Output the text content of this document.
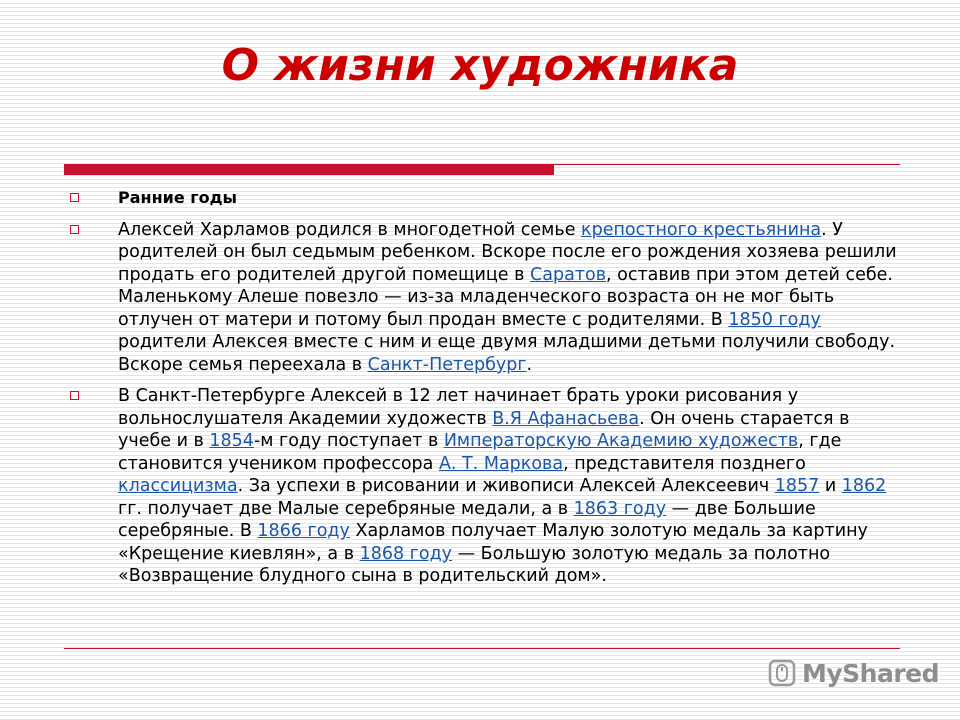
О жизни художника
Ранние годы
Алексей Харламов родился в многодетной семье крепостного крестьянина. У родителей он был седьмым ребенком. Вскоре после его рождения хозяева решили продать его родителей другой помещице в Саратов, оставив при этом детей себе. Маленькому Алеше повезло — из-за младенческого возраста он не мог быть отлучен от матери и потому был продан вместе с родителями. В 1850 году родители Алексея вместе с ним и еще двумя младшими детьми получили свободу. Вскоре семья переехала в Санкт-Петербург.
В Санкт-Петербурге Алексей в 12 лет начинает брать уроки рисования у вольнослушателя Академии художеств В.Я Афанасьева. Он очень старается в учебе и в 1854-м году поступает в Императорскую Академию художеств, где становится учеником профессора А. Т. Маркова, представителя позднего классицизма. За успехи в рисовании и живописи Алексей Алексеевич 1857 и 1862 гг. получает две Малые серебряные медали, а в 1863 году — две Большие серебряные. В 1866 году Харламов получает Малую золотую медаль за картину «Крещение киевлян», а в 1868 году — Большую золотую медаль за полотно «Возвращение блудного сына в родительский дом».
MyShared
